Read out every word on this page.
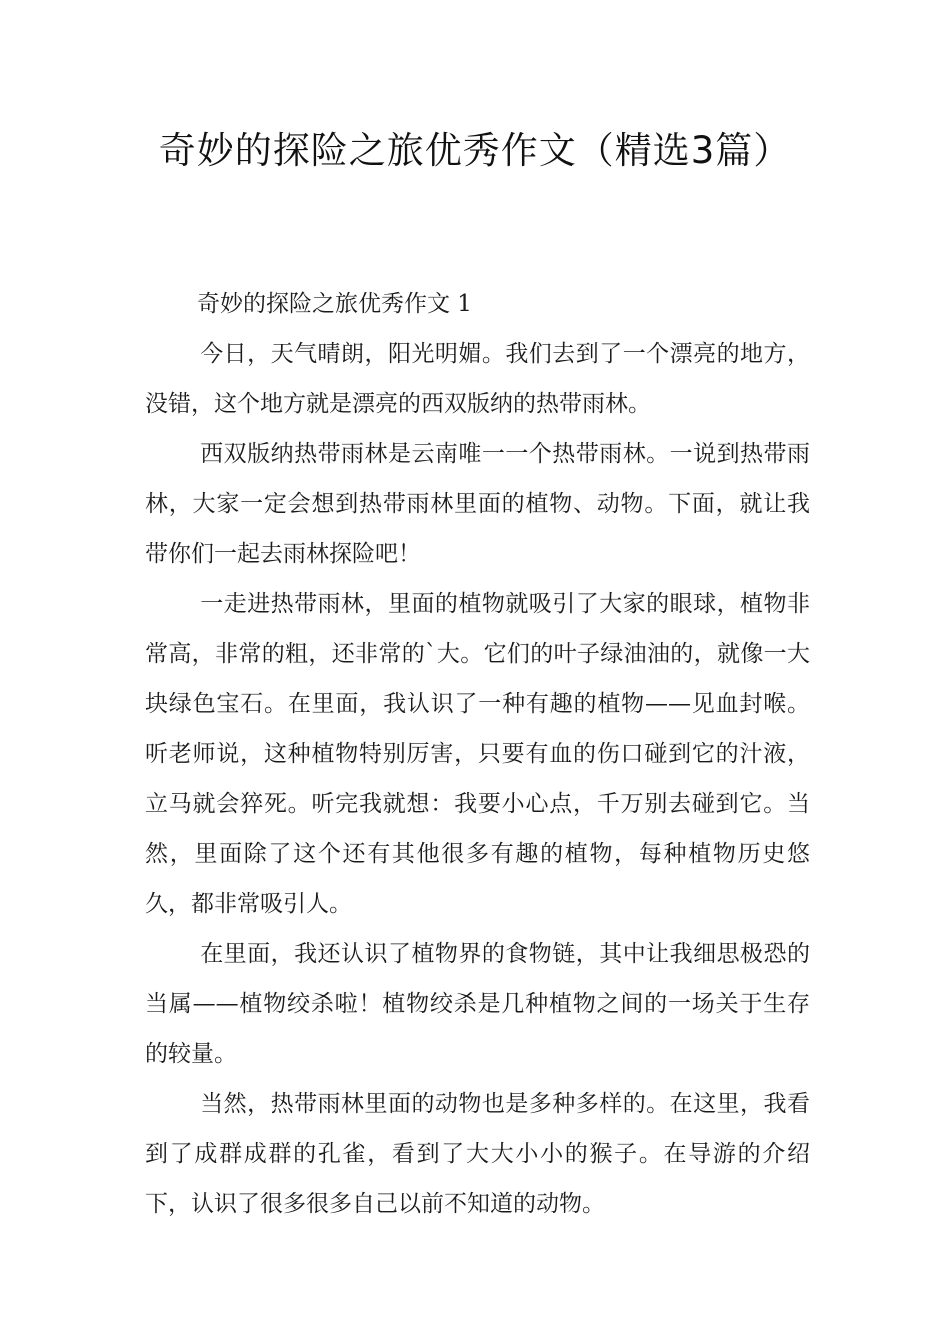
奇妙的探险之旅优秀作文（精选3篇）
奇妙的探险之旅优秀作文 1

今日，天气晴朗，阳光明媚。我们去到了一个漂亮的地方，没错，这个地方就是漂亮的西双版纳的热带雨林。

西双版纳热带雨林是云南唯一一个热带雨林。一说到热带雨林，大家一定会想到热带雨林里面的植物、动物。下面，就让我带你们一起去雨林探险吧！

一走进热带雨林，里面的植物就吸引了大家的眼球，植物非常高，非常的粗，还非常的`大。它们的叶子绿油油的，就像一大块绿色宝石。在里面，我认识了一种有趣的植物——见血封喉。听老师说，这种植物特别厉害，只要有血的伤口碰到它的汁液，立马就会猝死。听完我就想：我要小心点，千万别去碰到它。当然，里面除了这个还有其他很多有趣的植物，每种植物历史悠久，都非常吸引人。

在里面，我还认识了植物界的食物链，其中让我细思极恐的当属——植物绞杀啦！植物绞杀是几种植物之间的一场关于生存的较量。

当然，热带雨林里面的动物也是多种多样的。在这里，我看到了成群成群的孔雀，看到了大大小小的猴子。在导游的介绍下，认识了很多很多自己以前不知道的动物。
